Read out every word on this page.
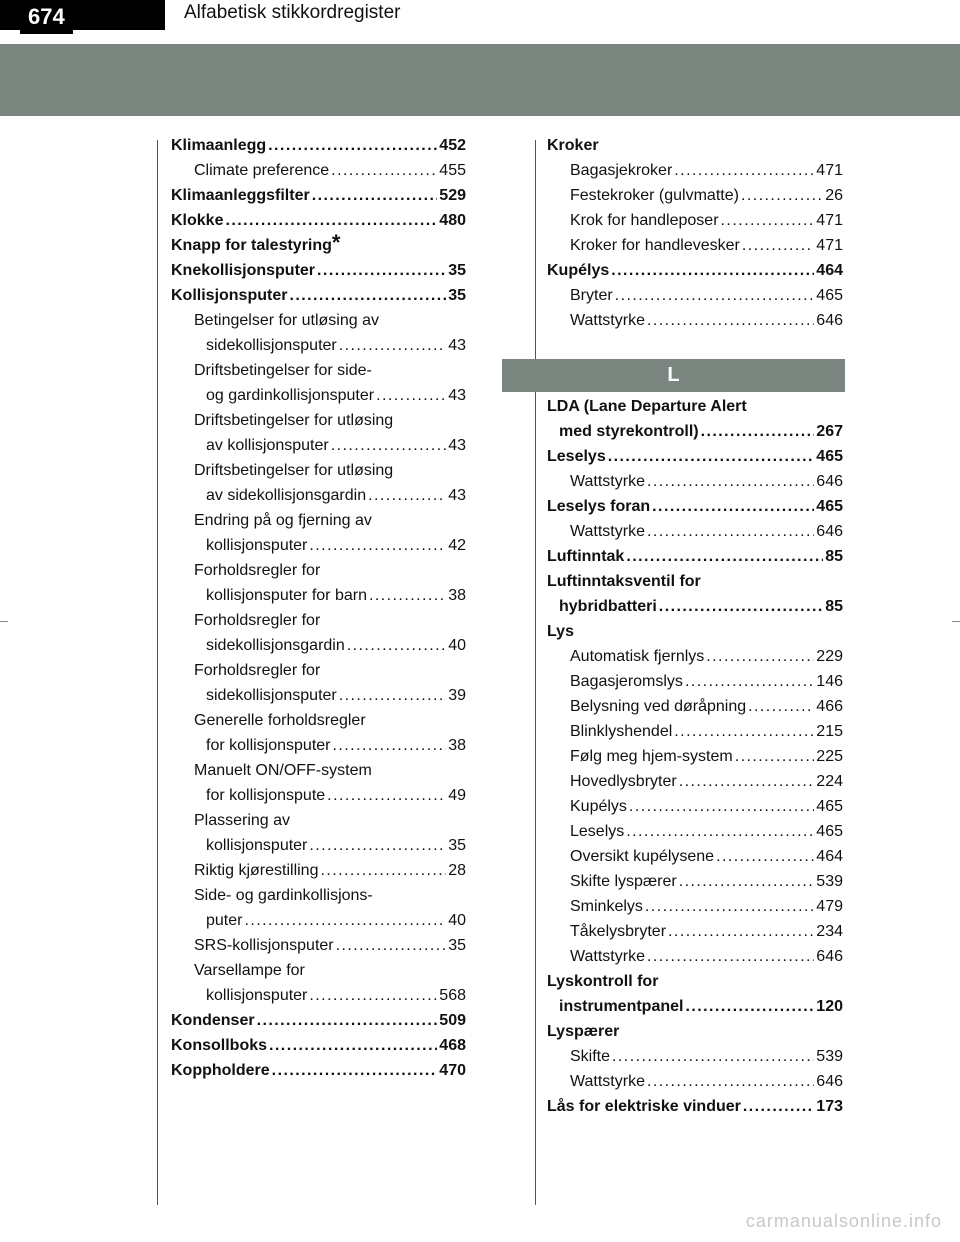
674	Alfabetisk stikkordregister
Klimaanlegg . . .	452
Climate preference . . .	455
Klimaanleggsfilter . . .	529
Klokke . . .	480
Knapp for talestyring *
Knekollisjonsputer . . .	35
Kollisjonsputer . . .	35
Betingelser for utløsing av
sidekollisjonsputer . . .	43
Driftsbetingelser for side-
og gardinkollisjonsputer . . .	43
Driftsbetingelser for utløsing
av kollisjonsputer . . .	43
Driftsbetingelser for utløsing
av sidekollisjonsgardin . . .	43
Endring på og fjerning av
kollisjonsputer . . .	42
Forholdsregler for
kollisjonsputer for barn . . .	38
Forholdsregler for
sidekollisjonsgardin . . .	40
Forholdsregler for
sidekollisjonsputer . . .	39
Generelle forholdsregler
for kollisjonsputer . . .	38
Manuelt ON/OFF-system
for kollisjonspute . . .	49
Plassering av
kollisjonsputer . . .	35
Riktig kjørestilling . . .	28
Side- og gardinkollisjons-
puter . . .	40
SRS-kollisjonsputer . . .	35
Varsellampe for
kollisjonsputer . . .	568
Kondenser . . .	509
Konsollboks . . .	468
Koppholdere . . .	470
Kroker
Bagasjekroker . . .	471
Festekroker (gulvmatte) . . .	26
Krok for handleposer . . .	471
Kroker for handlevesker . . .	471
Kupélys . . .	464
Bryter . . .	465
Wattstyrke . . .	646
L
LDA (Lane Departure Alert
med styrekontroll) . . .	267
Leselys . . .	465
Wattstyrke . . .	646
Leselys foran . . .	465
Wattstyrke . . .	646
Luftinntak . . .	85
Luftinntaksventil for
hybridbatteri . . .	85
Lys
Automatisk fjernlys . . .	229
Bagasjeromslys . . .	146
Belysning ved døråpning . . .	466
Blinklyshendel . . .	215
Følg meg hjem-system . . .	225
Hovedlysbryter . . .	224
Kupélys . . .	465
Leselys . . .	465
Oversikt kupélysene . . .	464
Skifte lyspærer . . .	539
Sminkelys . . .	479
Tåkelysbryter . . .	234
Wattstyrke . . .	646
Lyskontroll for
instrumentpanel . . .	120
Lyspærer
Skifte . . .	539
Wattstyrke . . .	646
Lås for elektriske vinduer . . .	173
carmanualsonline.info
